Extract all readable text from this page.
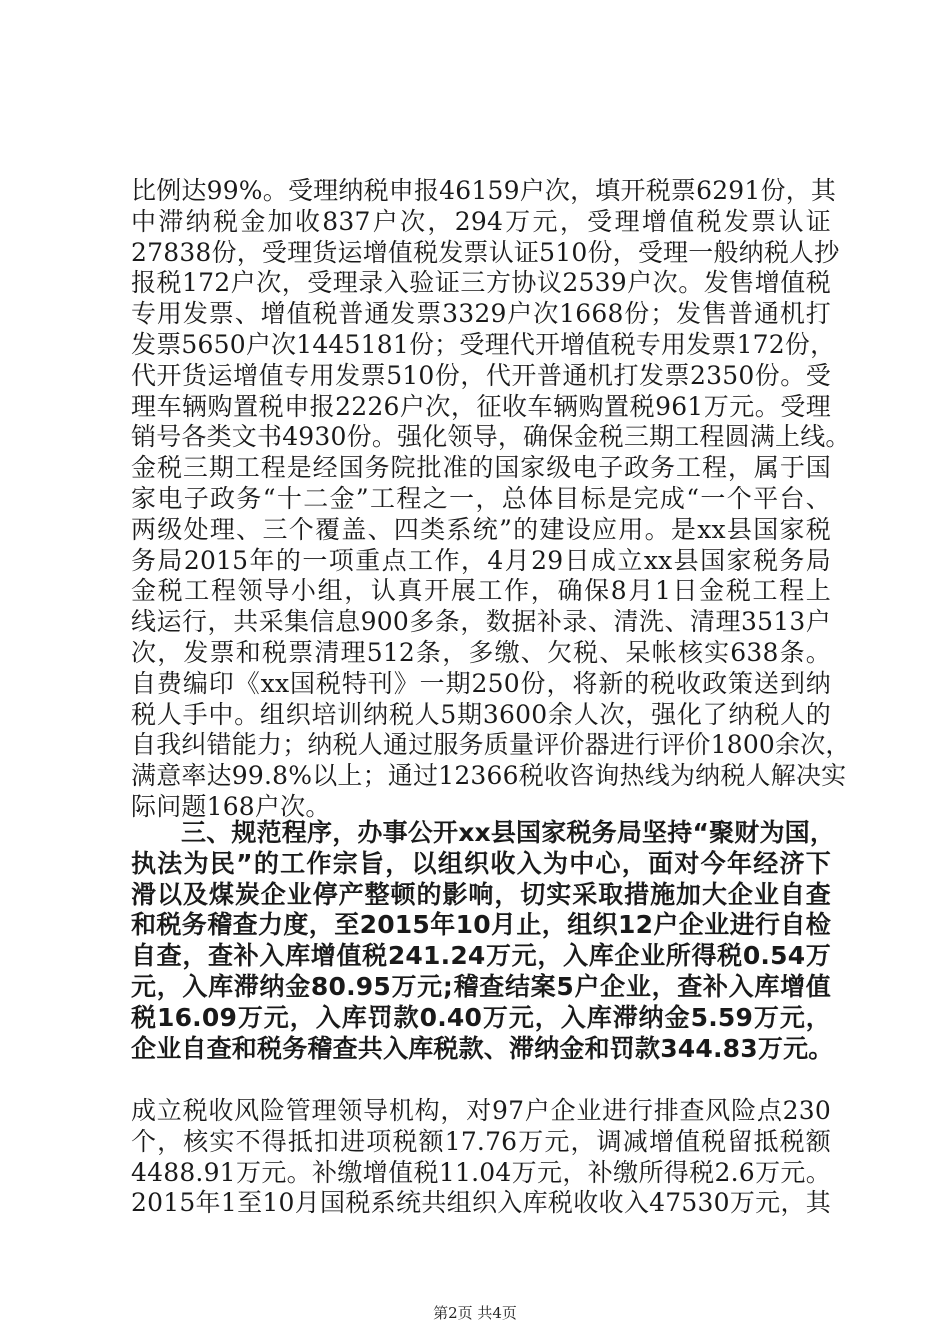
比例达99%。受理纳税申报46159户次，填开税票6291份，其
中滞纳税金加收837户次，294万元，受理增值税发票认证
27838份，受理货运增值税发票认证510份，受理一般纳税人抄
报税172户次，受理录入验证三方协议2539户次。发售增值税
专用发票、增值税普通发票3329户次1668份；发售普通机打
发票5650户次1445181份；受理代开增值税专用发票172份，
代开货运增值专用发票510份，代开普通机打发票2350份。受
理车辆购置税申报2226户次，征收车辆购置税961万元。受理
销号各类文书4930份。强化领导，确保金税三期工程圆满上线。
金税三期工程是经国务院批准的国家级电子政务工程，属于国
家电子政务“十二金”工程之一，总体目标是完成“一个平台、
两级处理、三个覆盖、四类系统”的建设应用。是xx县国家税
务局2015年的一项重点工作，4月29日成立xx县国家税务局
金税工程领导小组，认真开展工作，确保8月1日金税工程上
线运行，共采集信息900多条，数据补录、清洗、清理3513户
次，发票和税票清理512条，多缴、欠税、呆帐核实638条。
自费编印《xx国税特刊》一期250份，将新的税收政策送到纳
税人手中。组织培训纳税人5期3600余人次，强化了纳税人的
自我纠错能力；纳税人通过服务质量评价器进行评价1800余次，
满意率达99.8%以上；通过12366税收咨询热线为纳税人解决实
际问题168户次。
三、规范程序，办事公开xx县国家税务局坚持“聚财为国，
执法为民”的工作宗旨，以组织收入为中心，面对今年经济下
滑以及煤炭企业停产整顿的影响，切实采取措施加大企业自查
和税务稽查力度，至2015年10月止，组织12户企业进行自检
自查，查补入库增值税241.24万元，入库企业所得税0.54万
元，入库滞纳金80.95万元;稽查结案5户企业，查补入库增值
税16.09万元，入库罚款0.40万元，入库滞纳金5.59万元，
企业自查和税务稽查共入库税款、滞纳金和罚款344.83万元。
成立税收风险管理领导机构，对97户企业进行排查风险点230
个，核实不得抵扣进项税额17.76万元，调减增值税留抵税额
4488.91万元。补缴增值税11.04万元，补缴所得税2.6万元。
2015年1至10月国税系统共组织入库税收收入47530万元，其
第2页 共4页
